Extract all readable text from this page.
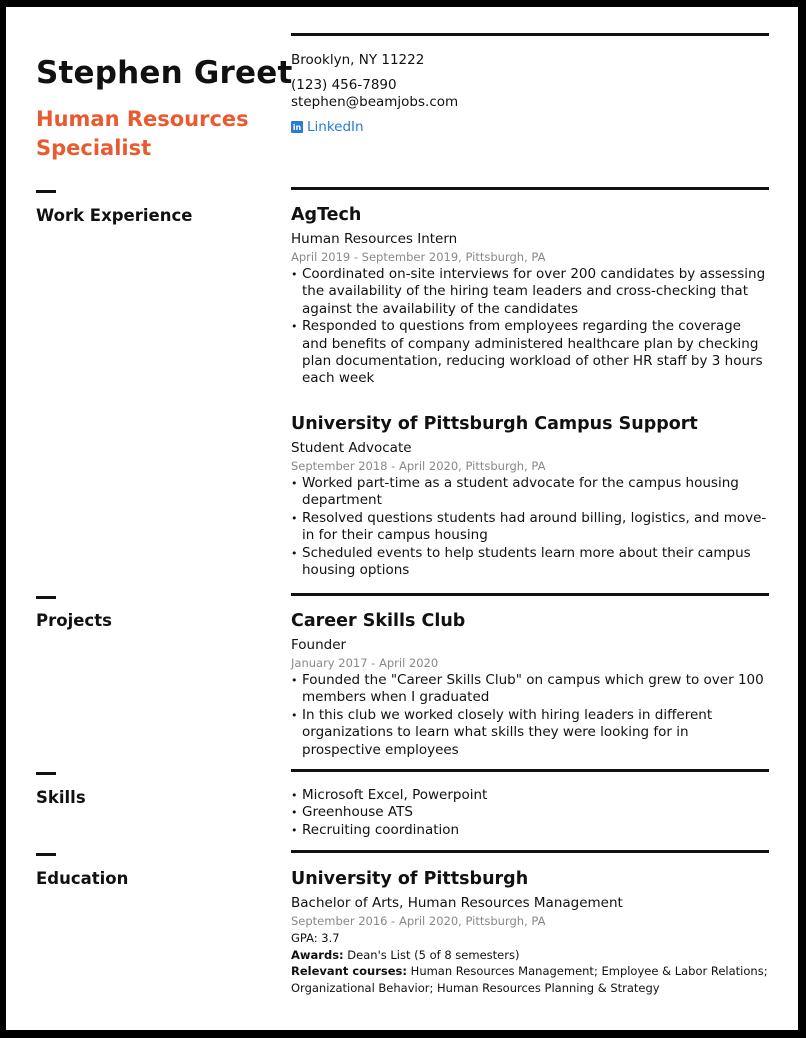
Stephen Greet
Human Resources Specialist
Brooklyn, NY 11222
(123) 456-7890
stephen@beamjobs.com
in LinkedIn
Work Experience	AgTech
Human Resources Intern
April 2019 - September 2019, Pittsburgh, PA
• Coordinated on-site interviews for over 200 candidates by assessing the availability of the hiring team leaders and cross-checking that against the availability of the candidates
• Responded to questions from employees regarding the coverage and benefits of company administered healthcare plan by checking plan documentation, reducing workload of other HR staff by 3 hours each week
University of Pittsburgh Campus Support
Student Advocate
September 2018 - April 2020, Pittsburgh, PA
• Worked part-time as a student advocate for the campus housing department
• Resolved questions students had around billing, logistics, and move-in for their campus housing
• Scheduled events to help students learn more about their campus housing options
Projects	Career Skills Club
Founder
January 2017 - April 2020
• Founded the "Career Skills Club" on campus which grew to over 100 members when I graduated
• In this club we worked closely with hiring leaders in different organizations to learn what skills they were looking for in prospective employees
Skills
•	Microsoft Excel, Powerpoint
• Greenhouse ATS
• Recruiting coordination
Education	University of Pittsburgh
Bachelor of Arts, Human Resources Management
September 2016 - April 2020, Pittsburgh, PA
GPA: 3.7
Awards: Dean's List (5 of 8 semesters)
Relevant courses: Human Resources Management; Employee & Labor Relations; Organizational Behavior; Human Resources Planning & Strategy
